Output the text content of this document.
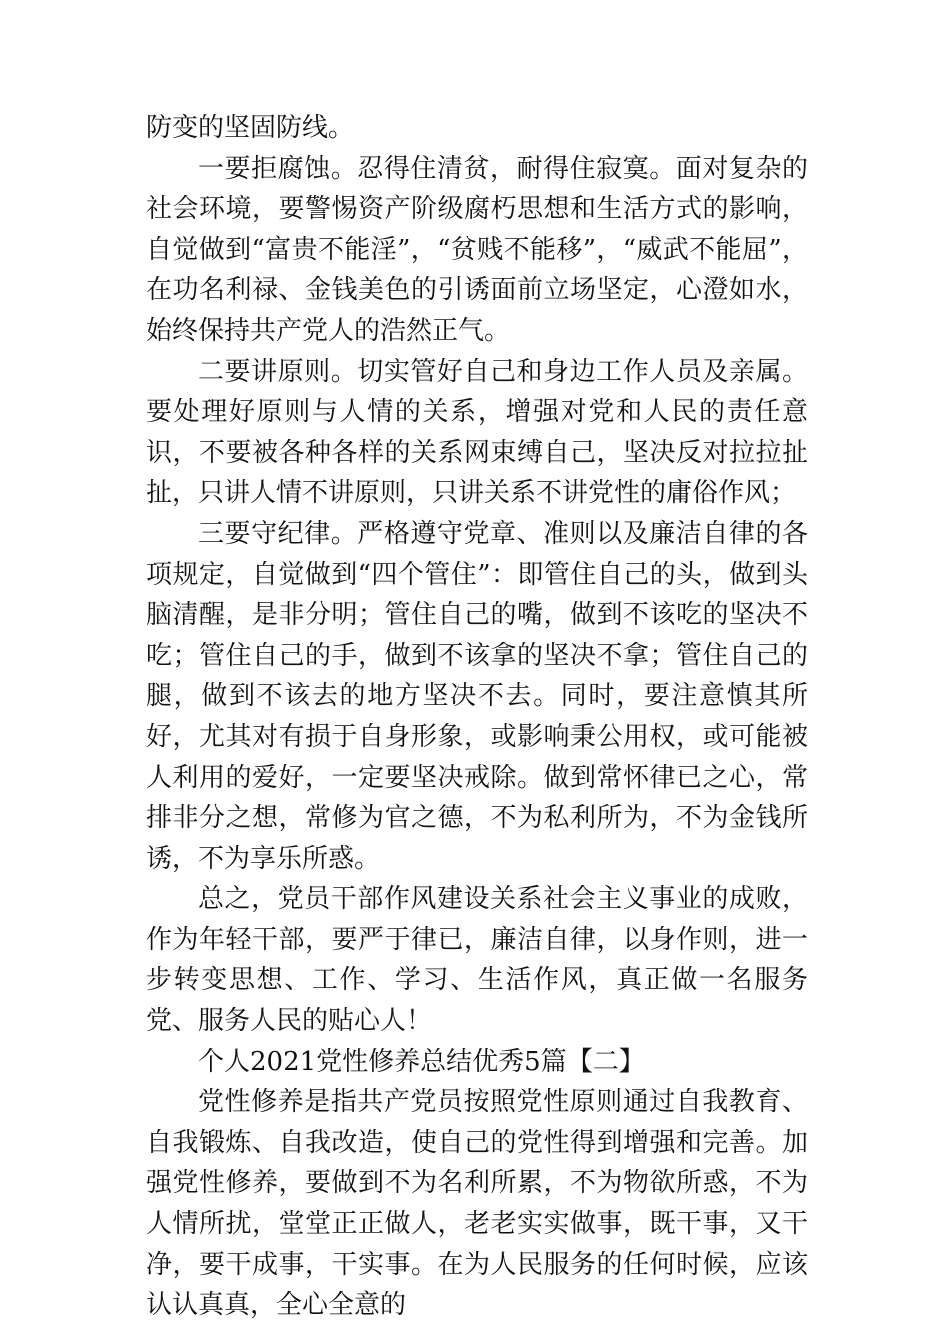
防变的坚固防线。

一要拒腐蚀。忍得住清贫，耐得住寂寞。面对复杂的社会环境，要警惕资产阶级腐朽思想和生活方式的影响，自觉做到“富贵不能淫”，“贫贱不能移”，“威武不能屈”，在功名利禄、金钱美色的引诱面前立场坚定，心澄如水，始终保持共产党人的浩然正气。

二要讲原则。切实管好自己和身边工作人员及亲属。要处理好原则与人情的关系，增强对党和人民的责任意识，不要被各种各样的关系网束缚自己，坚决反对拉拉扯扯，只讲人情不讲原则，只讲关系不讲党性的庸俗作风；

三要守纪律。严格遵守党章、准则以及廉洁自律的各项规定，自觉做到“四个管住”：即管住自己的头，做到头脑清醒，是非分明；管住自己的嘴，做到不该吃的坚决不吃；管住自己的手，做到不该拿的坚决不拿；管住自己的腿，做到不该去的地方坚决不去。同时，要注意慎其所好，尤其对有损于自身形象，或影响秉公用权，或可能被人利用的爱好，一定要坚决戒除。做到常怀律已之心，常排非分之想，常修为官之德，不为私利所为，不为金钱所诱，不为享乐所惑。

总之，党员干部作风建设关系社会主义事业的成败，作为年轻干部，要严于律已，廉洁自律，以身作则，进一步转变思想、工作、学习、生活作风，真正做一名服务党、服务人民的贴心人！

个人2021党性修养总结优秀5篇【二】

党性修养是指共产党员按照党性原则通过自我教育、自我锻炼、自我改造，使自己的党性得到增强和完善。加强党性修养，要做到不为名利所累，不为物欲所惑，不为人情所扰，堂堂正正做人，老老实实做事，既干事，又干净，要干成事，干实事。在为人民服务的任何时候，应该认认真真，全心全意的
